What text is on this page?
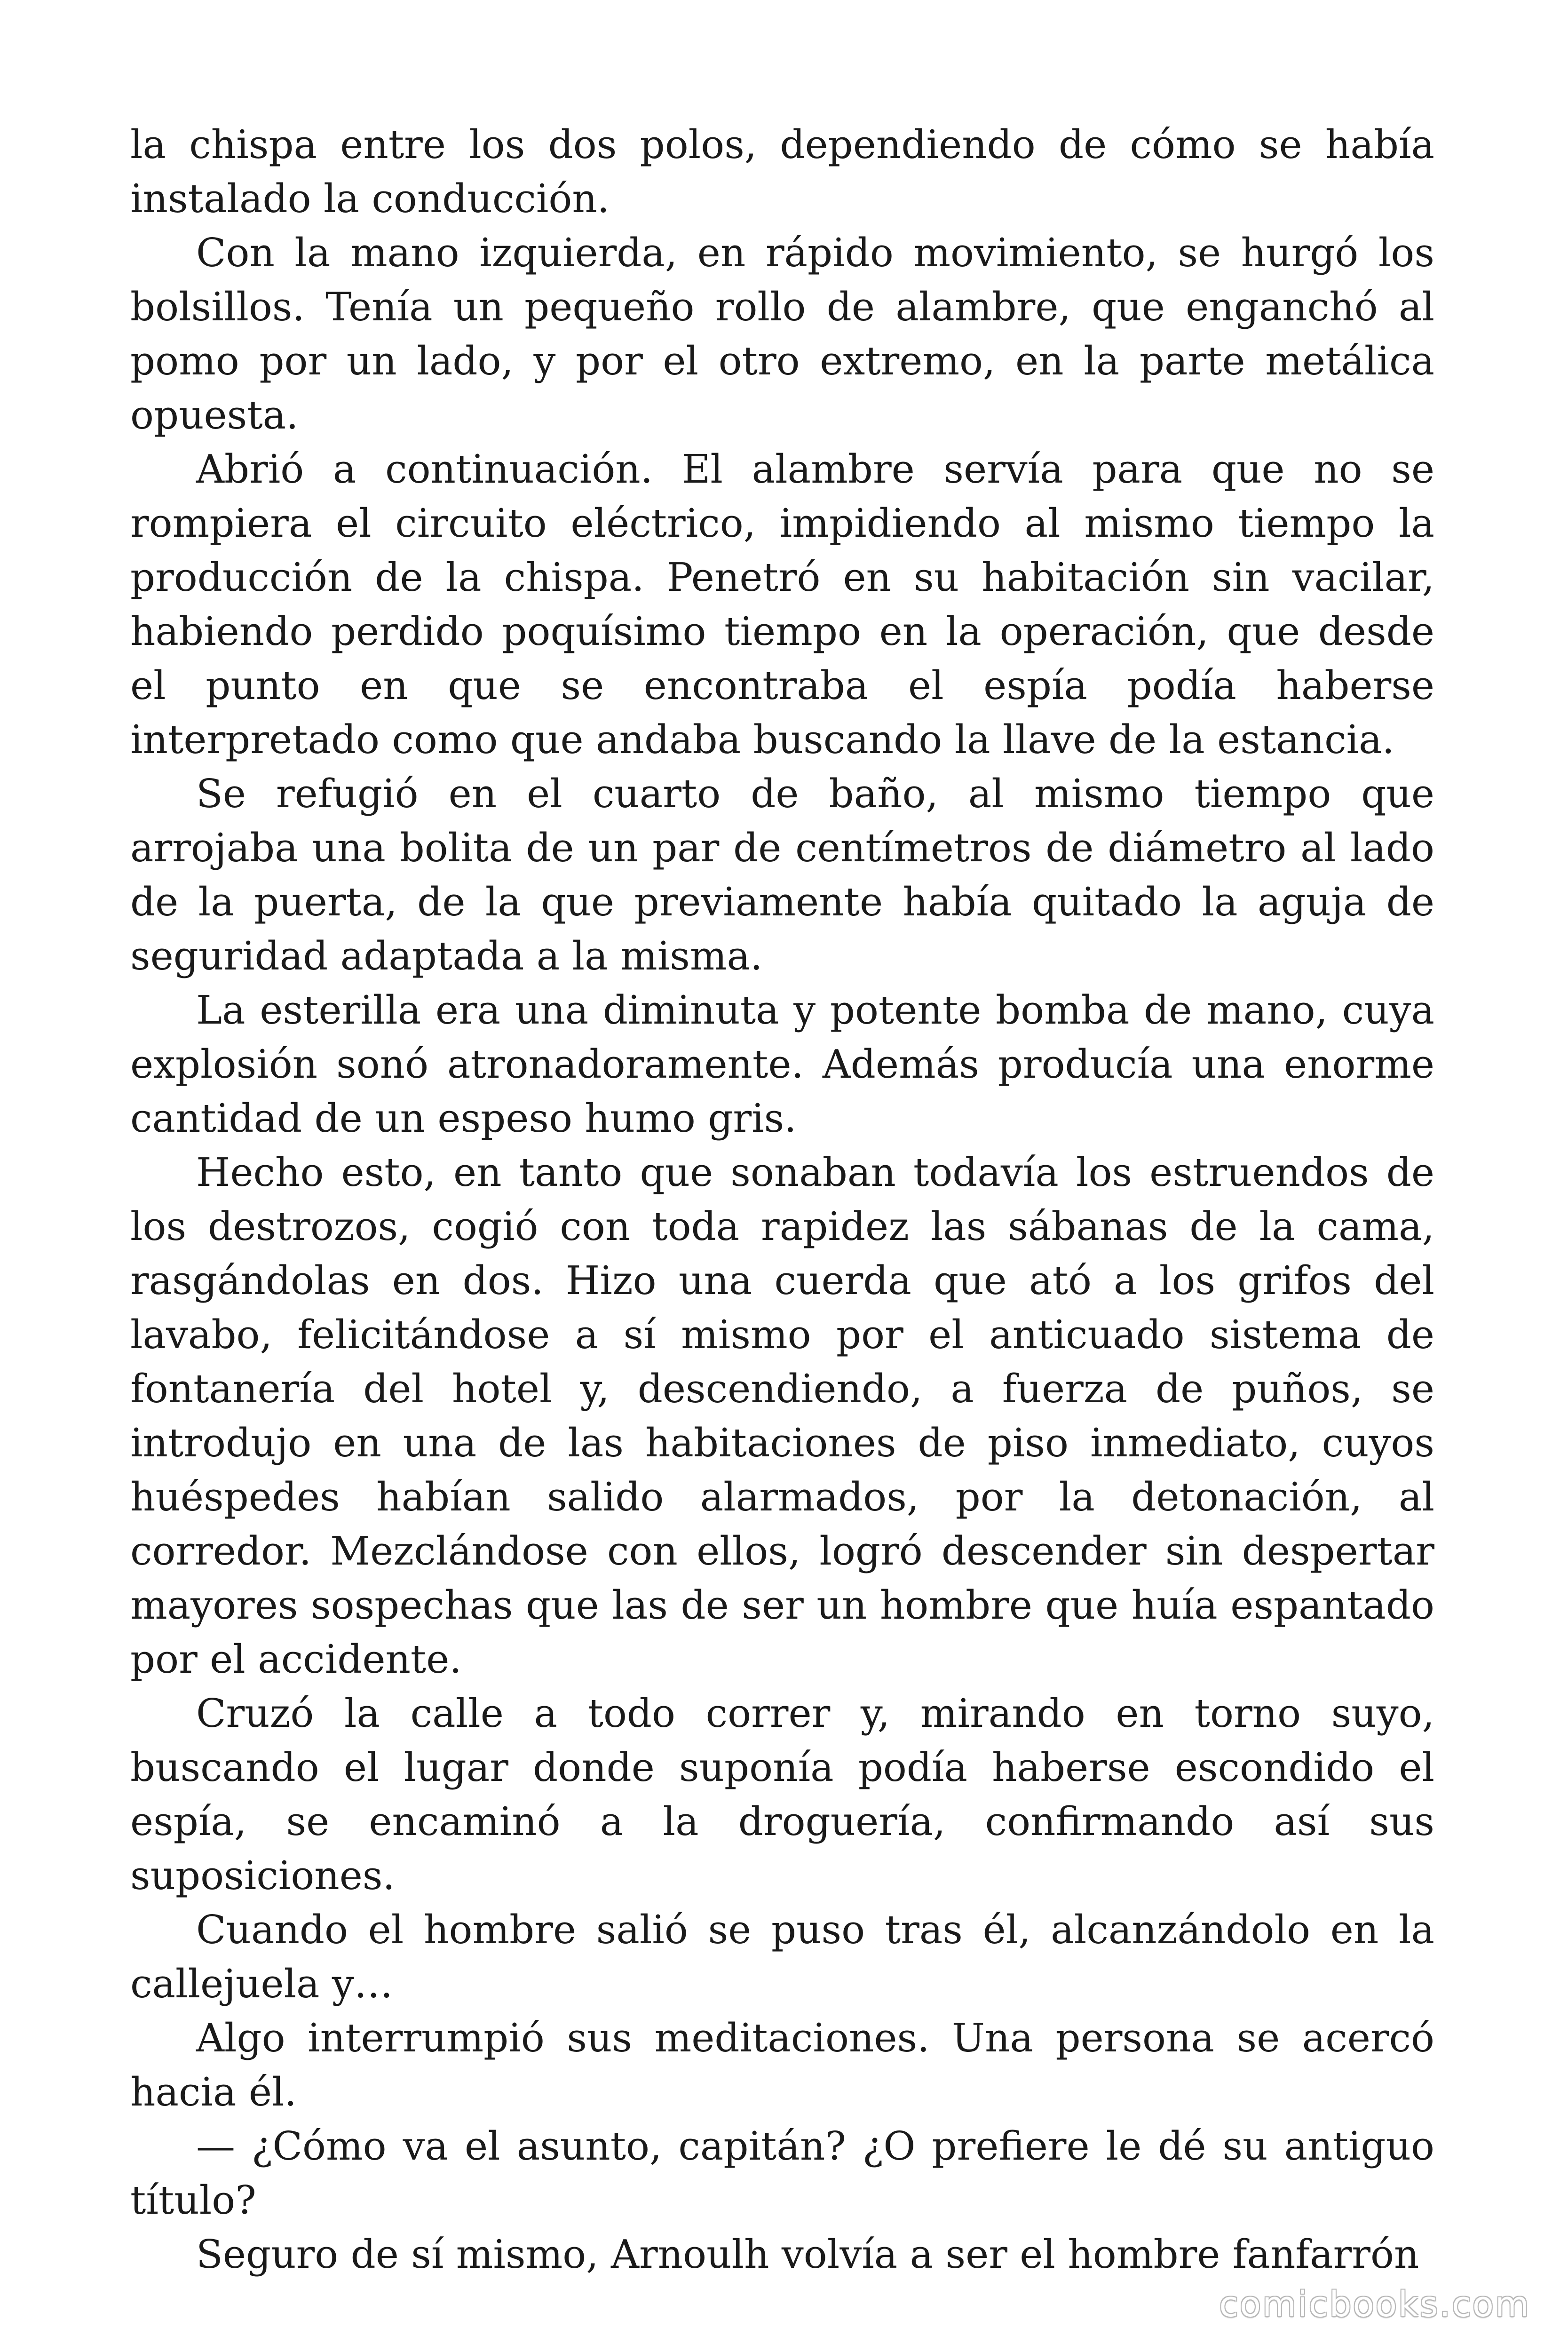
la chispa entre los dos polos, dependiendo de cómo se había instalado la conducción.

Con la mano izquierda, en rápido movimiento, se hurgó los bolsillos. Tenía un pequeño rollo de alambre, que enganchó al pomo por un lado, y por el otro extremo, en la parte metálica opuesta.

Abrió a continuación. El alambre servía para que no se rompiera el circuito eléctrico, impidiendo al mismo tiempo la producción de la chispa. Penetró en su habitación sin vacilar, habiendo perdido poquísimo tiempo en la operación, que desde el punto en que se encontraba el espía podía haberse interpretado como que andaba buscando la llave de la estancia.

Se refugió en el cuarto de baño, al mismo tiempo que arrojaba una bolita de un par de centímetros de diámetro al lado de la puerta, de la que previamente había quitado la aguja de seguridad adaptada a la misma.

La esterilla era una diminuta y potente bomba de mano, cuya explosión sonó atronadoramente. Además producía una enorme cantidad de un espeso humo gris.

Hecho esto, en tanto que sonaban todavía los estruendos de los destrozos, cogió con toda rapidez las sábanas de la cama, rasgándolas en dos. Hizo una cuerda que ató a los grifos del lavabo, felicitándose a sí mismo por el anticuado sistema de fontanería del hotel y, descendiendo, a fuerza de puños, se introdujo en una de las habitaciones de piso inmediato, cuyos huéspedes habían salido alarmados, por la detonación, al corredor. Mezclándose con ellos, logró descender sin despertar mayores sospechas que las de ser un hombre que huía espantado por el accidente.

Cruzó la calle a todo correr y, mirando en torno suyo, buscando el lugar donde suponía podía haberse escondido el espía, se encaminó a la droguería, confirmando así sus suposiciones.

Cuando el hombre salió se puso tras él, alcanzándolo en la callejuela y…

Algo interrumpió sus meditaciones. Una persona se acercó hacia él.

— ¿Cómo va el asunto, capitán? ¿O prefiere le dé su antiguo título?

Seguro de sí mismo, Arnoulh volvía a ser el hombre fanfarrón

comicbooks.com
